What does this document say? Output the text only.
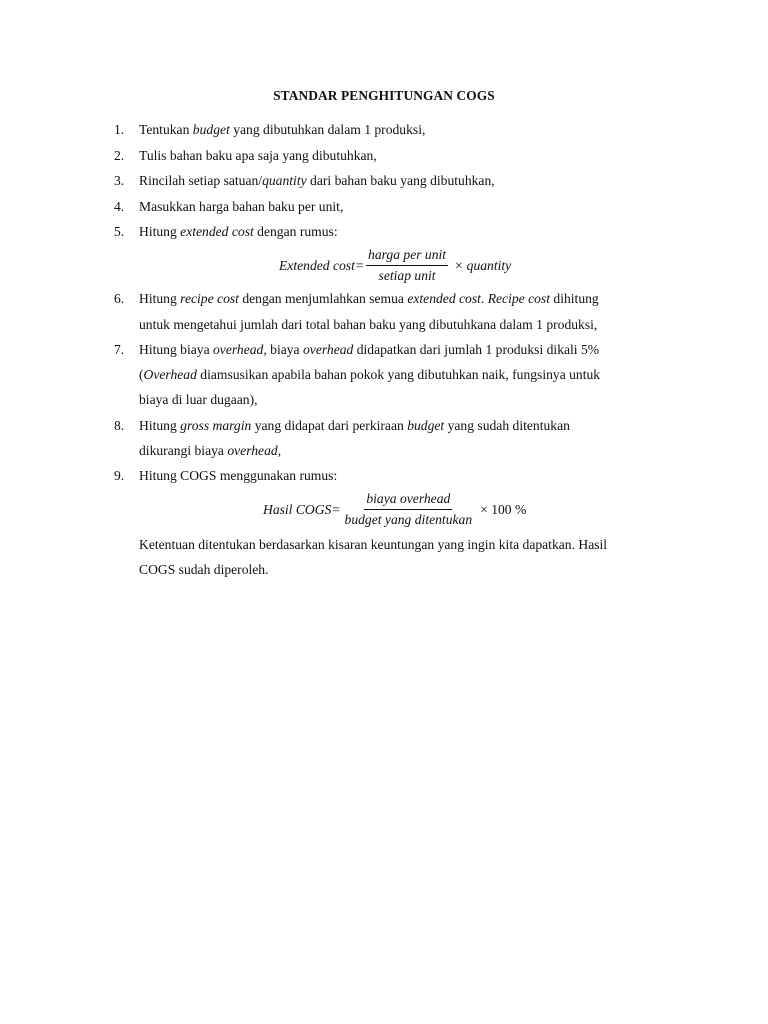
STANDAR PENGHITUNGAN COGS
1.	Tentukan budget yang dibutuhkan dalam 1 produksi,
2.	Tulis bahan baku apa saja yang dibutuhkan,
3.	Rincilah setiap satuan/quantity dari bahan baku yang dibutuhkan,
4.	Masukkan harga bahan baku per unit,
5.	Hitung extended cost dengan rumus:
Extended $\cos t= \frac{\text{harga per unit}}{\text{setiap unit}}$ × quantity
6.	Hitung recipe cost dengan menjumlahkan semua extended cost. Recipe cost dihitung
untuk mengetahui jumlah dari total bahan baku yang dibutuhkana dalam 1 produksi,
7.	Hitung biaya overhead, biaya overhead didapatkan dari jumlah 1 produksi dikali 5%
(Overhead diamsusikan apabila bahan pokok yang dibutuhkan naik, fungsinya untuk
biaya di luar dugaan),
8.	Hitung gross margin yang didapat dari perkiraan budget yang sudah ditentukan
dikurangi biaya overhead,
9.	Hitung COGS menggunakan rumus:
Hasil COGS= $\frac{\text{biaya overhead}}{\text{budget yang ditentukan}} \times 100$ %
Ketentuan ditentukan berdasarkan kisaran keuntungan yang ingin kita dapatkan. Hasil
COGS sudah diperoleh.
